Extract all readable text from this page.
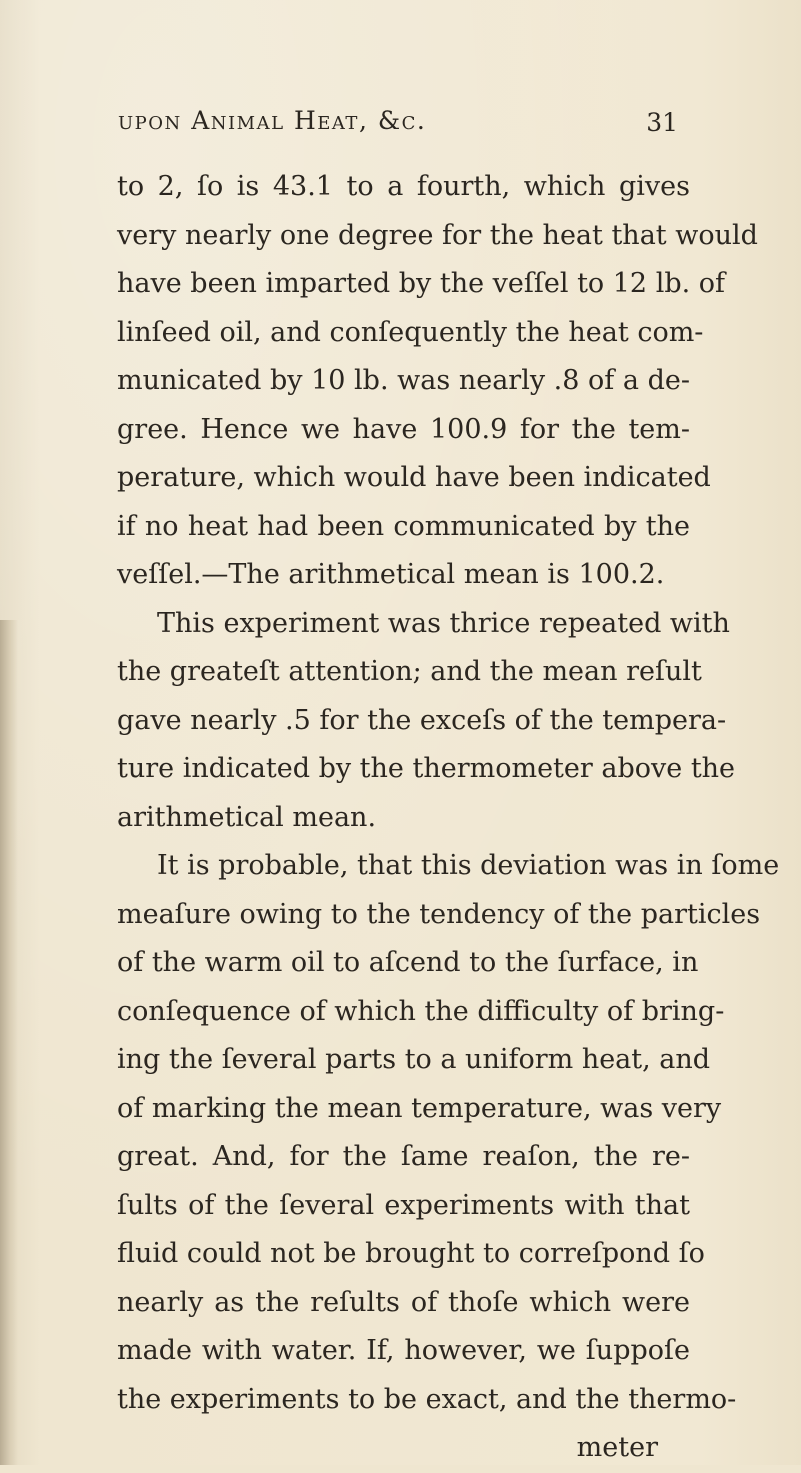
upon Animal Heat, &c.	31
to 2, ſo is 43.1 to a fourth, which gives
very nearly one degree for the heat that would
have been imparted by the veſſel to 12 lb. of
linſeed oil, and conſequently the heat com-
municated by 10 lb. was nearly .8 of a de-
gree. Hence we have 100.9 for the tem-
perature, which would have been indicated
if no heat had been communicated by the
veſſel.—The arithmetical mean is 100.2.
This experiment was thrice repeated with
the greateſt attention; and the mean reſult
gave nearly .5 for the exceſs of the tempera-
ture indicated by the thermometer above the
arithmetical mean.
It is probable, that this deviation was in ſome
meaſure owing to the tendency of the particles
of the warm oil to aſcend to the ſurface, in
conſequence of which the difficulty of bring-
ing the ſeveral parts to a uniform heat, and
of marking the mean temperature, was very
great. And, for the ſame reaſon, the re-
ſults of the ſeveral experiments with that
fluid could not be brought to correſpond ſo
nearly as the reſults of thoſe which were
made with water. If, however, we ſuppoſe
the experiments to be exact, and the thermo-
meter
